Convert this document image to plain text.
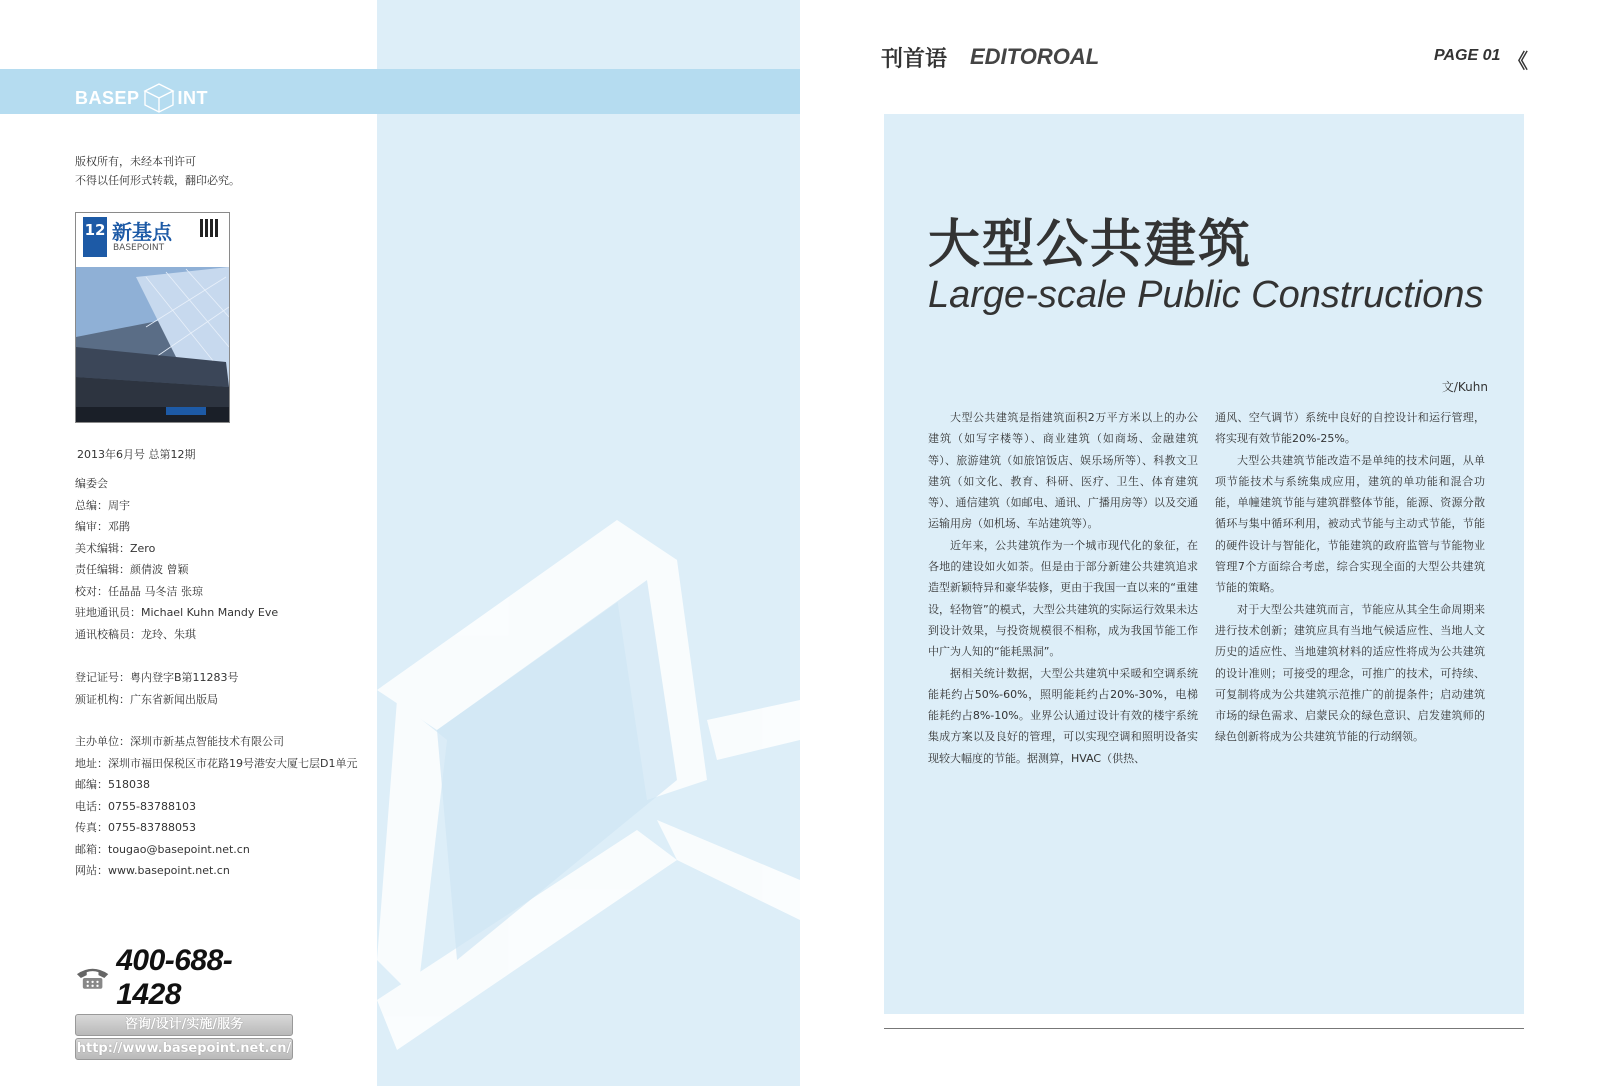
BASEP INT
版权所有，未经本刊许可
不得以任何形式转载，翻印必究。
12 新基点
BASEPOINT
2013年6月号 总第12期
编委会
总编：周宇
编审：邓鹃
美术编辑：Zero
责任编辑：颜倩波 曾颖
校对：任晶晶 马冬洁 张琼
驻地通讯员：Michael Kuhn Mandy Eve
通讯校稿员：龙玲、朱琪
登记证号：粤内登字B第11283号
颁证机构：广东省新闻出版局
主办单位：深圳市新基点智能技术有限公司
地址：深圳市福田保税区市花路19号港安大厦七层D1单元
邮编：518038
电话：0755-83788103
传真：0755-83788053
邮箱：tougao@basepoint.net.cn
网站：www.basepoint.net.cn
400-688-1428
咨询/设计/实施/服务
http://www.basepoint.net.cn/
刊首语 EDITOROAL	PAGE 01 《
大型公共建筑
Large-scale Public Constructions
文/Kuhn

大型公共建筑是指建筑面积2万平方米以上的办公建筑（如写字楼等）、商业建筑（如商场、金融建筑等）、旅游建筑（如旅馆饭店、娱乐场所等）、科教文卫建筑（如文化、教育、科研、医疗、卫生、体育建筑等）、通信建筑（如邮电、通讯、广播用房等）以及交通运输用房（如机场、车站建筑等）。

近年来，公共建筑作为一个城市现代化的象征，在各地的建设如火如荼。但是由于部分新建公共建筑追求造型新颖特异和豪华装修，更由于我国一直以来的“重建设，轻物管”的模式，大型公共建筑的实际运行效果未达到设计效果，与投资规模很不相称，成为我国节能工作中广为人知的“能耗黑洞”。

据相关统计数据，大型公共建筑中采暖和空调系统能耗约占50%-60%，照明能耗约占20%-30%，电梯能耗约占8%-10%。业界公认通过设计有效的楼宇系统集成方案以及良好的管理，可以实现空调和照明设备实现较大幅度的节能。据测算，HVAC（供热、

通风、空气调节）系统中良好的自控设计和运行管理，将实现有效节能20%-25%。

大型公共建筑节能改造不是单纯的技术问题，从单项节能技术与系统集成应用，建筑的单功能和混合功能，单幢建筑节能与建筑群整体节能，能源、资源分散循环与集中循环利用，被动式节能与主动式节能，节能的硬件设计与智能化，节能建筑的政府监管与节能物业管理7个方面综合考虑，综合实现全面的大型公共建筑节能的策略。

对于大型公共建筑而言，节能应从其全生命周期来进行技术创新；建筑应具有当地气候适应性、当地人文历史的适应性、当地建筑材料的适应性将成为公共建筑的设计准则；可接受的理念，可推广的技术，可持续、可复制将成为公共建筑示范推广的前提条件；启动建筑市场的绿色需求、启蒙民众的绿色意识、启发建筑师的绿色创新将成为公共建筑节能的行动纲领。
